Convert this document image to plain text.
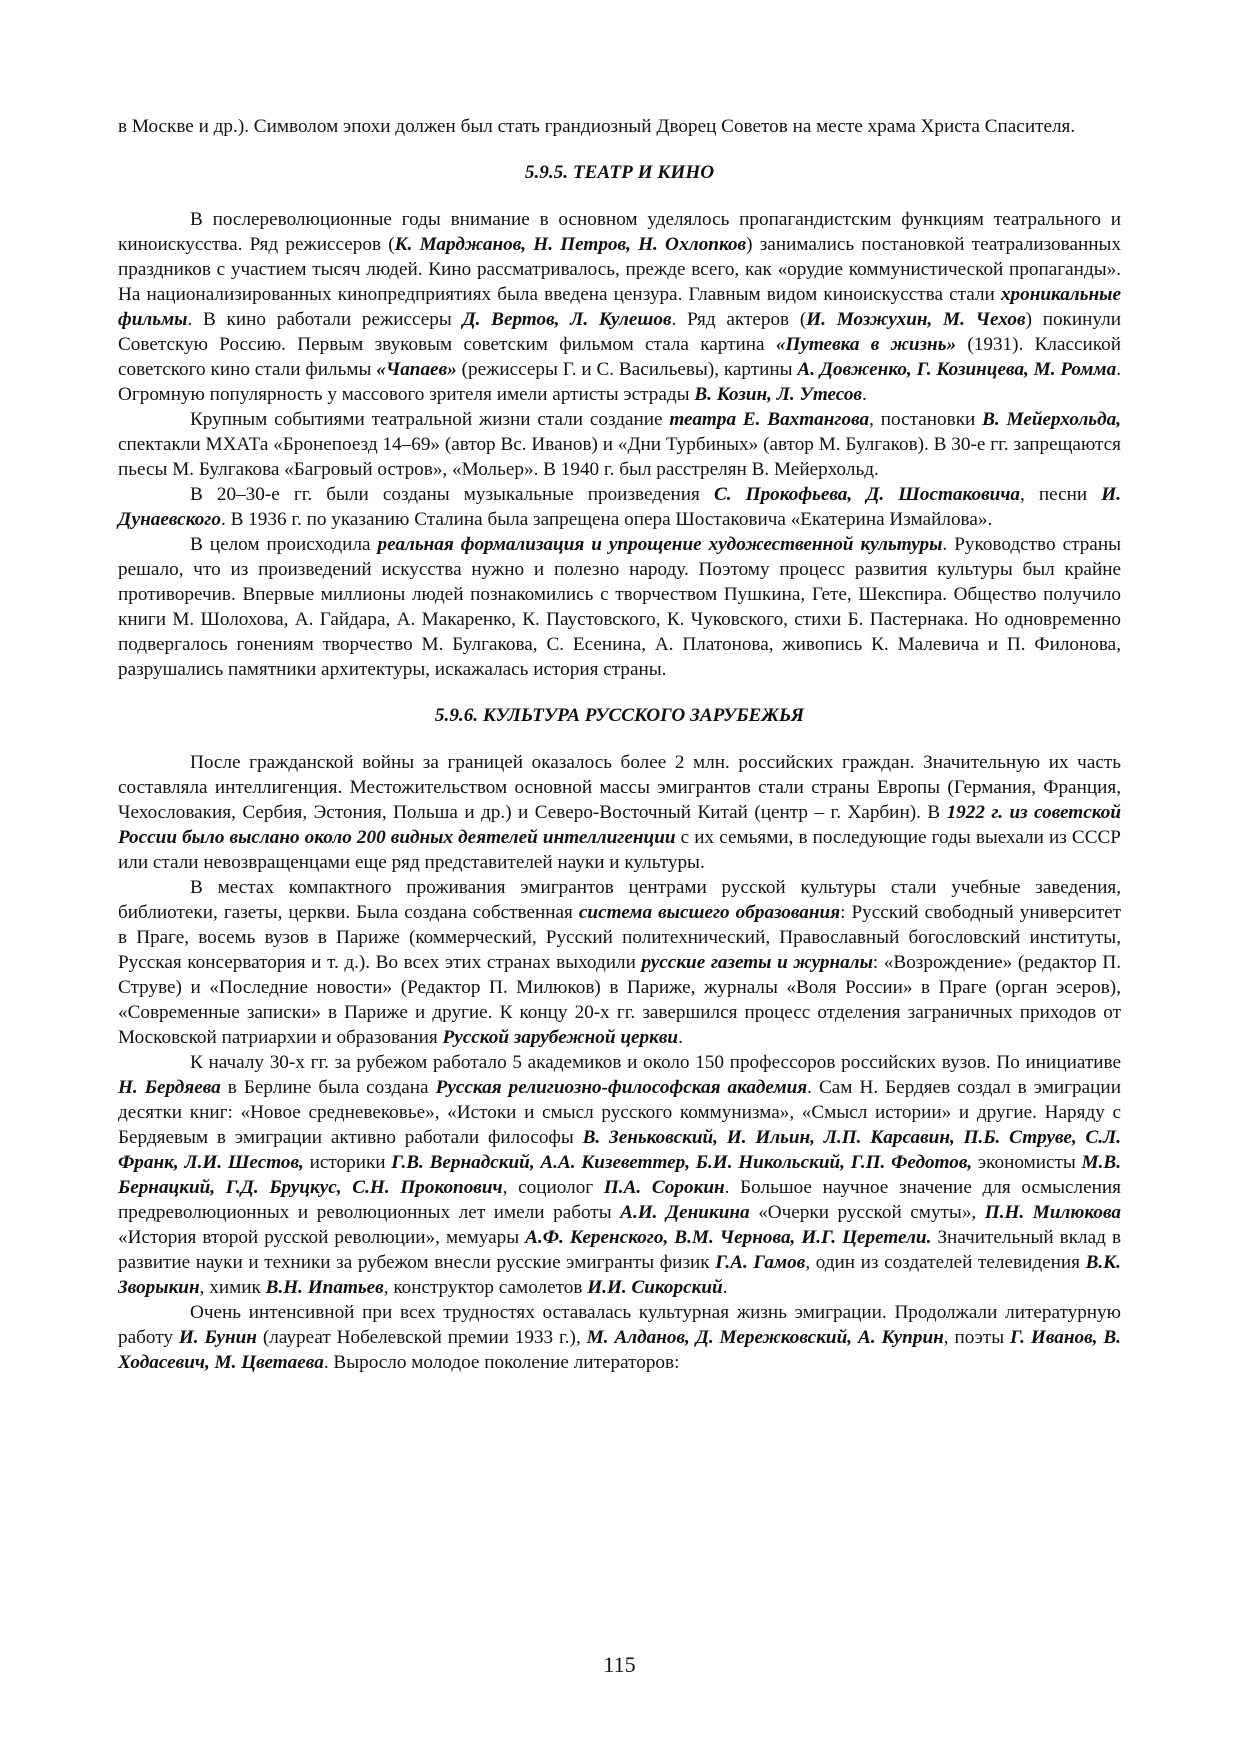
в Москве и др.). Символом эпохи должен был стать грандиозный Дворец Советов на месте храма Христа Спасителя.

5.9.5. ТЕАТР И КИНО

В послереволюционные годы внимание в основном уделялось пропагандистским функциям театрального и киноискусства. Ряд режиссеров (К. Марджанов, Н. Петров, Н. Охлопков) занимались постановкой театрализованных праздников с участием тысяч людей. Кино рассматривалось, прежде всего, как «орудие коммунистической пропаганды». На национализированных кинопредприятиях была введена цензура. Главным видом киноискусства стали хроникальные фильмы. В кино работали режиссеры Д. Вертов, Л. Кулешов. Ряд актеров (И. Мозжухин, М. Чехов) покинули Советскую Россию. Первым звуковым советским фильмом стала картина «Путевка в жизнь» (1931). Классикой советского кино стали фильмы «Чапаев» (режиссеры Г. и С. Васильевы), картины А. Довженко, Г. Козинцева, М. Ромма. Огромную популярность у массового зрителя имели артисты эстрады В. Козин, Л. Утесов.

Крупным событиями театральной жизни стали создание театра Е. Вахтангова, постановки В. Мейерхольда, спектакли МХАТа «Бронепоезд 14–69» (автор Вс. Иванов) и «Дни Турбиных» (автор М. Булгаков). В 30-е гг. запрещаются пьесы М. Булгакова «Багровый остров», «Мольер». В 1940 г. был расстрелян В. Мейерхольд.

В 20–30-е гг. были созданы музыкальные произведения С. Прокофьева, Д. Шостаковича, песни И. Дунаевского. В 1936 г. по указанию Сталина была запрещена опера Шостаковича «Екатерина Измайлова».

В целом происходила реальная формализация и упрощение художественной культуры. Руководство страны решало, что из произведений искусства нужно и полезно народу. Поэтому процесс развития культуры был крайне противоречив. Впервые миллионы людей познакомились с творчеством Пушкина, Гете, Шекспира. Общество получило книги М. Шолохова, А. Гайдара, А. Макаренко, К. Паустовского, К. Чуковского, стихи Б. Пастернака. Но одновременно подвергалось гонениям творчество М. Булгакова, С. Есенина, А. Платонова, живопись К. Малевича и П. Филонова, разрушались памятники архитектуры, искажалась история страны.

5.9.6. КУЛЬТУРА РУССКОГО ЗАРУБЕЖЬЯ

После гражданской войны за границей оказалось более 2 млн. российских граждан. Значительную их часть составляла интеллигенция. Местожительством основной массы эмигрантов стали страны Европы (Германия, Франция, Чехословакия, Сербия, Эстония, Польша и др.) и Северо-Восточный Китай (центр – г. Харбин). В 1922 г. из советской России было выслано около 200 видных деятелей интеллигенции с их семьями, в последующие годы выехали из СССР или стали невозвращенцами еще ряд представителей науки и культуры.

В местах компактного проживания эмигрантов центрами русской культуры стали учебные заведения, библиотеки, газеты, церкви. Была создана собственная система высшего образования: Русский свободный университет в Праге, восемь вузов в Париже (коммерческий, Русский политехнический, Православный богословский институты, Русская консерватория и т. д.). Во всех этих странах выходили русские газеты и журналы: «Возрождение» (редактор П. Струве) и «Последние новости» (Редактор П. Милюков) в Париже, журналы «Воля России» в Праге (орган эсеров), «Современные записки» в Париже и другие. К концу 20-х гг. завершился процесс отделения заграничных приходов от Московской патриархии и образования Русской зарубежной церкви.

К началу 30-х гг. за рубежом работало 5 академиков и около 150 профессоров российских вузов. По инициативе Н. Бердяева в Берлине была создана Русская религиозно-философская академия. Сам Н. Бердяев создал в эмиграции десятки книг: «Новое средневековье», «Истоки и смысл русского коммунизма», «Смысл истории» и другие. Наряду с Бердяевым в эмиграции активно работали философы В. Зеньковский, И. Ильин, Л.П. Карсавин, П.Б. Струве, С.Л. Франк, Л.И. Шестов, историки Г.В. Вернадский, А.А. Кизеветтер, Б.И. Никольский, Г.П. Федотов, экономисты М.В. Бернацкий, Г.Д. Бруцкус, С.Н. Прокопович, социолог П.А. Сорокин. Большое научное значение для осмысления предреволюционных и революционных лет имели работы А.И. Деникина «Очерки русской смуты», П.Н. Милюкова «История второй русской революции», мемуары А.Ф. Керенского, В.М. Чернова, И.Г. Церетели. Значительный вклад в развитие науки и техники за рубежом внесли русские эмигранты физик Г.А. Гамов, один из создателей телевидения В.К. Зворыкин, химик В.Н. Ипатьев, конструктор самолетов И.И. Сикорский.

Очень интенсивной при всех трудностях оставалась культурная жизнь эмиграции. Продолжали литературную работу И. Бунин (лауреат Нобелевской премии 1933 г.), М. Алданов, Д. Мережковский, А. Куприн, поэты Г. Иванов, В. Ходасевич, М. Цветаева. Выросло молодое поколение литераторов:

115
